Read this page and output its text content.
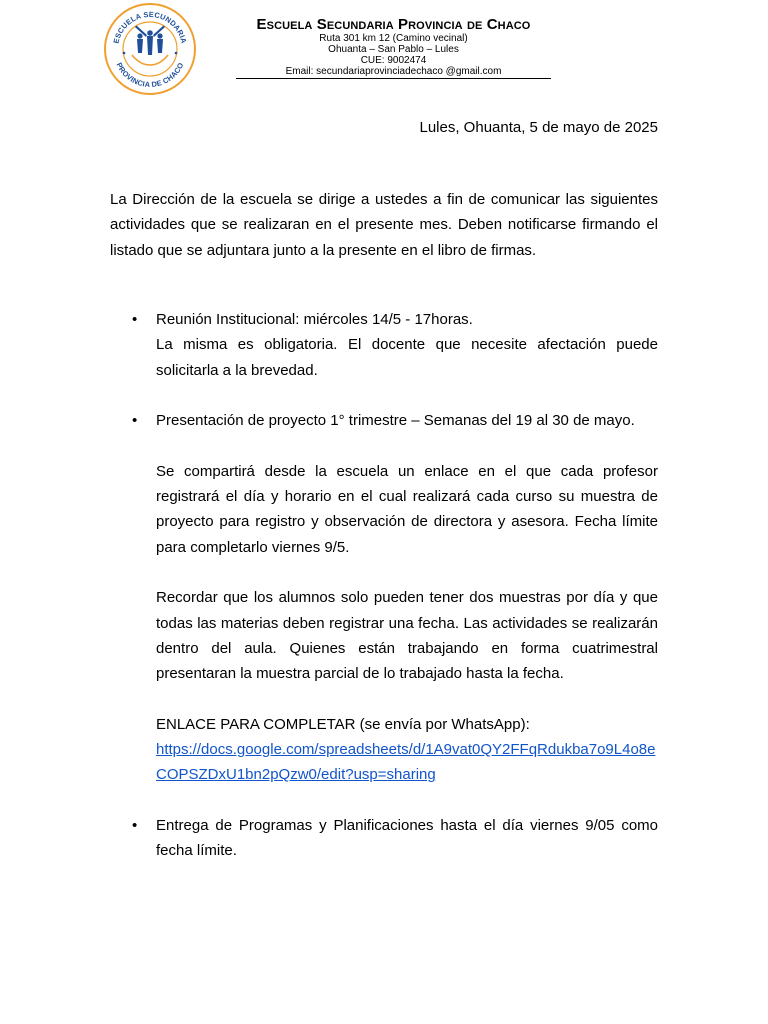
ESCUELA SECUNDARIA
PROVINCIA DE CHACO
Escuela Secundaria Provincia de Chaco
Ruta 301 km 12 (Camino vecinal)
Ohuanta – San Pablo – Lules
CUE: 9002474
Email: secundariaprovinciadechaco @gmail.com
Lules, Ohuanta, 5 de mayo de 2025
La Dirección de la escuela se dirige a ustedes a fin de comunicar las siguientes actividades que se realizaran en el presente mes. Deben notificarse firmando el listado que se adjuntara junto a la presente en el libro de firmas.
• Reunión Institucional: miércoles 14/5 - 17horas.

La misma es obligatoria. El docente que necesite afectación puede solicitarla a la brevedad.

• Presentación de proyecto 1° trimestre – Semanas del 19 al 30 de mayo.

Se compartirá desde la escuela un enlace en el que cada profesor registrará el día y horario en el cual realizará cada curso su muestra de proyecto para registro y observación de directora y asesora. Fecha límite para completarlo viernes 9/5.

Recordar que los alumnos solo pueden tener dos muestras por día y que todas las materias deben registrar una fecha. Las actividades se realizarán dentro del aula. Quienes están trabajando en forma cuatrimestral presentaran la muestra parcial de lo trabajado hasta la fecha.

ENLACE PARA COMPLETAR (se envía por WhatsApp):

https://docs.google.com/spreadsheets/d/1A9vat0QY2FFqRdukba7o9L4o8eCOPSZDxU1bn2pQzw0/edit?usp=sharing

• Entrega de Programas y Planificaciones hasta el día viernes 9/05 como fecha límite.
